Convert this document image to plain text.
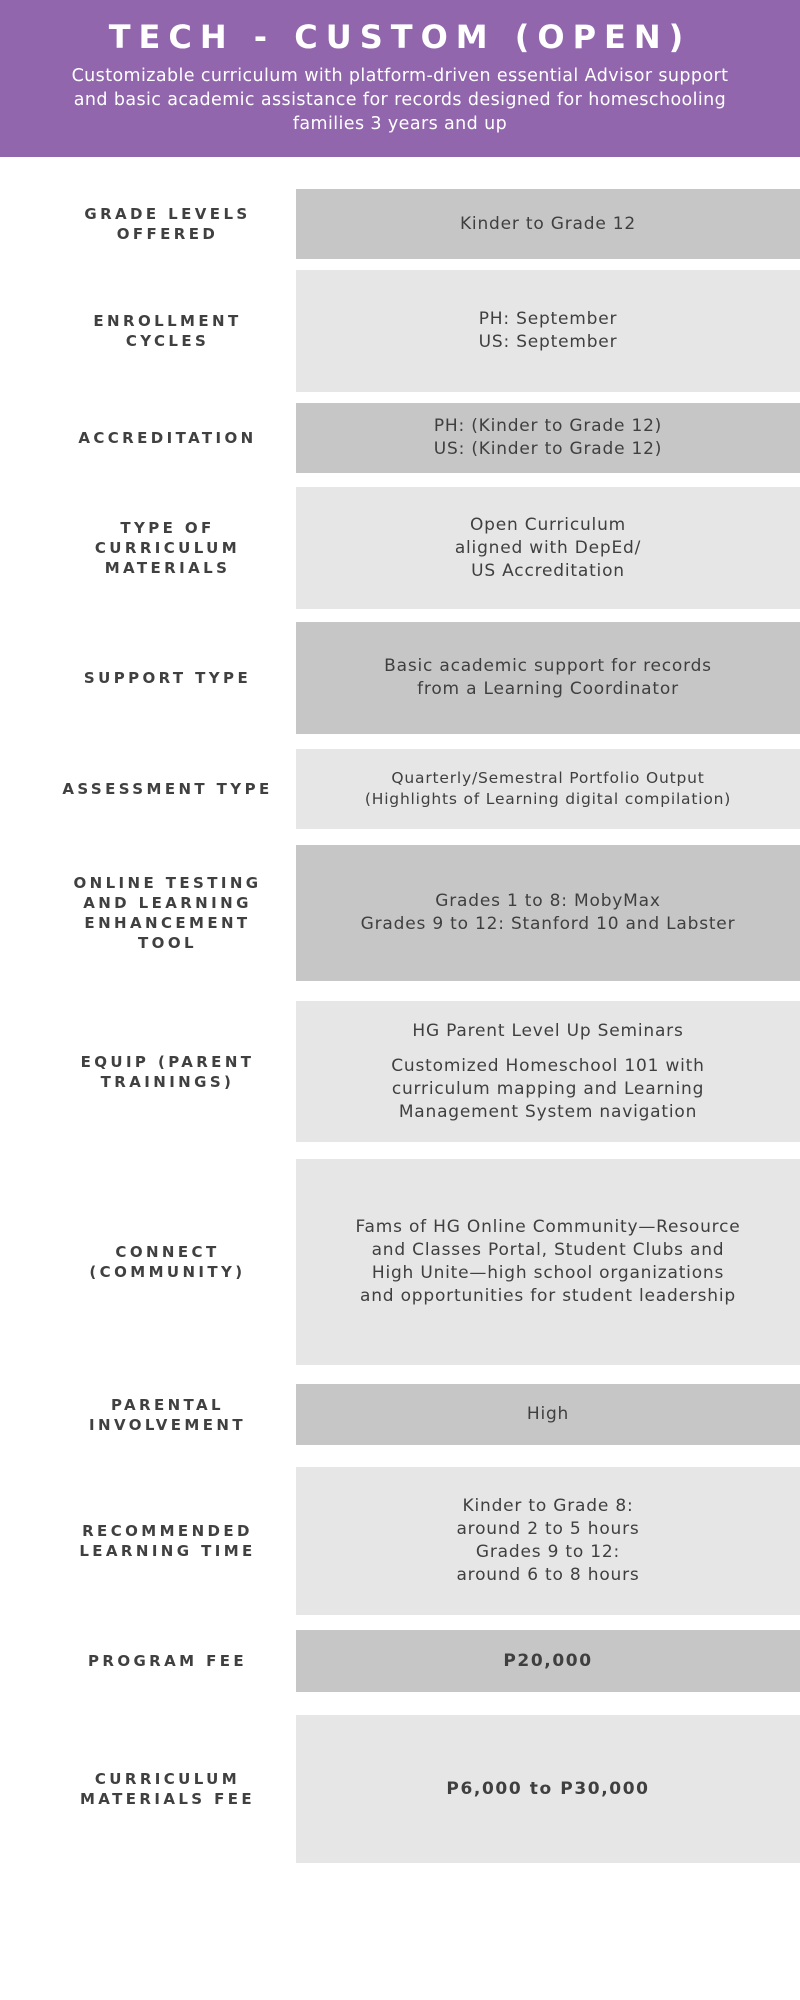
TECH - CUSTOM (OPEN)
Customizable curriculum with platform-driven essential Advisor support and basic academic assistance for records designed for homeschooling families 3 years and up
GRADE LEVELS OFFERED
Kinder to Grade 12
ENROLLMENT CYCLES
PH: September
US: September
ACCREDITATION
PH: (Kinder to Grade 12)
US: (Kinder to Grade 12)
TYPE OF CURRICULUM MATERIALS
Open Curriculum
aligned with DepEd/
US Accreditation
SUPPORT TYPE
Basic academic support for records
from a Learning Coordinator
ASSESSMENT TYPE
Quarterly/Semestral Portfolio Output
(Highlights of Learning digital compilation)
ONLINE TESTING AND LEARNING ENHANCEMENT TOOL
Grades 1 to 8: MobyMax
Grades 9 to 12: Stanford 10 and Labster
EQUIP (PARENT TRAININGS)
HG Parent Level Up Seminars
Customized Homeschool 101 with
curriculum mapping and Learning
Management System navigation
CONNECT (COMMUNITY)
Fams of HG Online Community—Resource
and Classes Portal, Student Clubs and
High Unite—high school organizations
and opportunities for student leadership
PARENTAL INVOLVEMENT
High
RECOMMENDED LEARNING TIME
Kinder to Grade 8:
around 2 to 5 hours
Grades 9 to 12:
around 6 to 8 hours
PROGRAM FEE	P20,000
CURRICULUM MATERIALS FEE
P6,000 to P30,000
